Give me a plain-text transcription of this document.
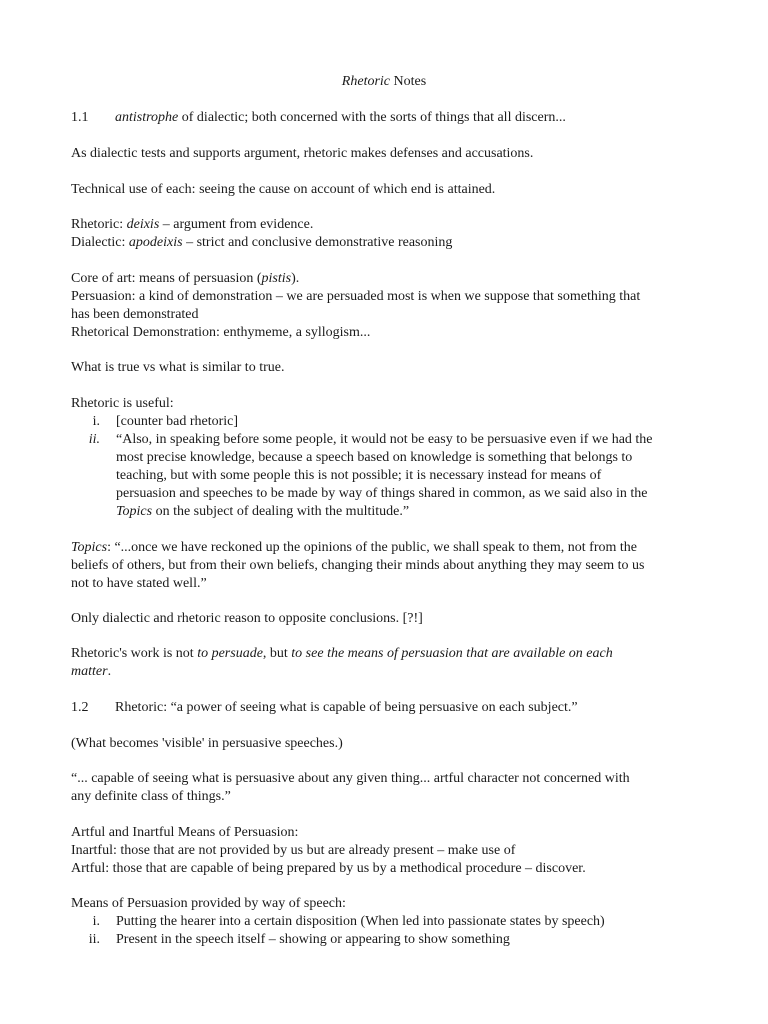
Rhetoric Notes
1.1 antistrophe of dialectic; both concerned with the sorts of things that all discern...
As dialectic tests and supports argument, rhetoric makes defenses and accusations.
Technical use of each: seeing the cause on account of which end is attained.
Rhetoric: deixis – argument from evidence.
Dialectic: apodeixis – strict and conclusive demonstrative reasoning
Core of art: means of persuasion (pistis).
Persuasion: a kind of demonstration – we are persuaded most is when we suppose that something that
has been demonstrated
Rhetorical Demonstration: enthymeme, a syllogism...
What is true vs what is similar to true.
Rhetoric is useful:
i. [counter bad rhetoric]
ii. “Also, in speaking before some people, it would not be easy to be persuasive even if we had the
most precise knowledge, because a speech based on knowledge is something that belongs to
teaching, but with some people this is not possible; it is necessary instead for means of
persuasion and speeches to be made by way of things shared in common, as we said also in the
Topics on the subject of dealing with the multitude.”
Topics: “...once we have reckoned up the opinions of the public, we shall speak to them, not from the
beliefs of others, but from their own beliefs, changing their minds about anything they may seem to us
not to have stated well.”
Only dialectic and rhetoric reason to opposite conclusions. [?!]
Rhetoric's work is not to persuade, but to see the means of persuasion that are available on each
matter.
1.2 Rhetoric: “a power of seeing what is capable of being persuasive on each subject.”
(What becomes 'visible' in persuasive speeches.)
“... capable of seeing what is persuasive about any given thing... artful character not concerned with
any definite class of things.”
Artful and Inartful Means of Persuasion:
Inartful: those that are not provided by us but are already present – make use of
Artful: those that are capable of being prepared by us by a methodical procedure – discover.
Means of Persuasion provided by way of speech:
i. Putting the hearer into a certain disposition (When led into passionate states by speech)
ii. Present in the speech itself – showing or appearing to show something
